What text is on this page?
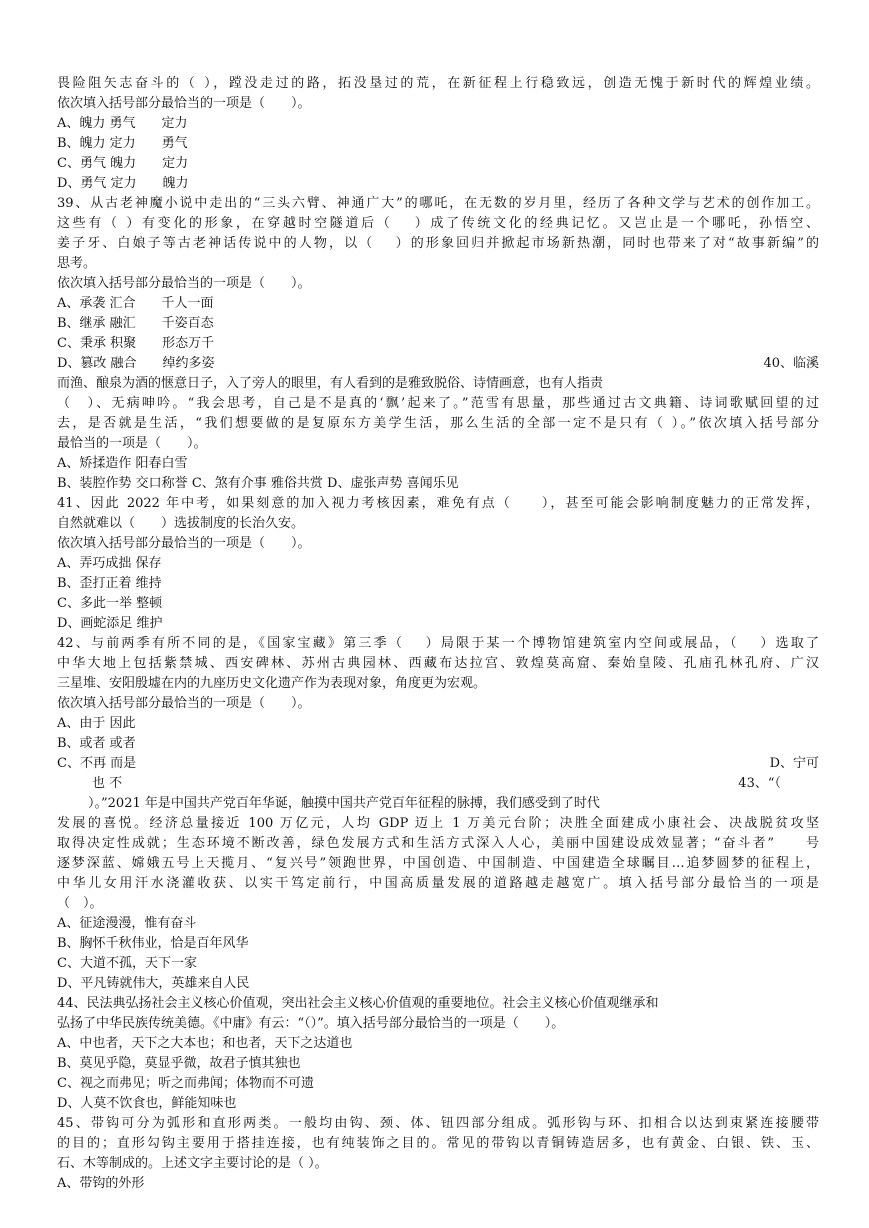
畏险阻矢志奋斗的（ ），蹚没走过的路，拓没垦过的荒，在新征程上行稳致远，创造无愧于新时代的辉煌业绩。

依次填入括号部分最恰当的一项是（　　）。

A、魄力 勇气　　定力

B、魄力 定力　　勇气

C、勇气 魄力　　定力

D、勇气 定力　　魄力

39、从古老神魔小说中走出的“三头六臂、神通广大”的哪吒，在无数的岁月里，经历了各种文学与艺术的创作加工。

这些有（ ）有变化的形象，在穿越时空隧道后（　 ）成了传统文化的经典记忆。又岂止是一个哪吒，孙悟空、

姜子牙、白娘子等古老神话传说中的人物，以（　 ）的形象回归并掀起市场新热潮，同时也带来了对“故事新编”的

思考。

依次填入括号部分最恰当的一项是（　　）。

A、承袭 汇合　　千人一面

B、继承 融汇　　千姿百态

C、秉承 积聚　　形态万千

D、篡改 融合　　绰约多姿	40、临溪

而渔、酿泉为酒的惬意日子，入了旁人的眼里，有人看到的是雅致脱俗、诗情画意，也有人指责

（　）、无病呻吟。“我会思考，自己是不是真的‘飘’起来了。”范雪有思量，那些通过古文典籍、诗词歌赋回望的过

去，是否就是生活，“我们想要做的是复原东方美学生活，那么生活的全部一定不是只有（ ）。”依次填入括号部分

最恰当的一项是（　　）。

A、矫揉造作 阳春白雪

B、装腔作势 交口称誉 C、煞有介事 雅俗共赏 D、虚张声势 喜闻乐见

41、因此 2022 年中考，如果刻意的加入视力考核因素，难免有点（　　），甚至可能会影响制度魅力的正常发挥，

自然就难以（　　）选拔制度的长治久安。

依次填入括号部分最恰当的一项是（　　）。

A、弄巧成拙 保存

B、歪打正着 维持

C、多此一举 整顿

D、画蛇添足 维护

42、与前两季有所不同的是，《国家宝藏》第三季（　 ）局限于某一个博物馆建筑室内空间或展品，（　 ）选取了

中华大地上包括紫禁城、西安碑林、苏州古典园林、西藏布达拉宫、敦煌莫高窟、秦始皇陵、孔庙孔林孔府、广汉

三星堆、安阳殷墟在内的九座历史文化遗产作为表现对象，角度更为宏观。

依次填入括号部分最恰当的一项是（　　）。

A、由于 因此

B、或者 或者

C、不再 而是	D、宁可

也 不	43、“（

）。”2021 年是中国共产党百年华诞，触摸中国共产党百年征程的脉搏，我们感受到了时代

发展的喜悦。经济总量接近 100 万亿元，人均 GDP 迈上 1 万美元台阶；决胜全面建成小康社会、决战脱贫攻坚

取得决定性成就；生态环境不断改善，绿色发展方式和生活方式深入人心，美丽中国建设成效显著；“奋斗者”　　号

逐梦深蓝、嫦娥五号上天揽月、“复兴号”领跑世界，中国创造、中国制造、中国建造全球瞩目…追梦圆梦的征程上，

中华儿女用汗水浇灌收获、以实干笃定前行，中国高质量发展的道路越走越宽广。填入括号部分最恰当的一项是

（　）。

A、征途漫漫，惟有奋斗

B、胸怀千秋伟业，恰是百年风华

C、大道不孤，天下一家

D、平凡铸就伟大，英雄来自人民

44、民法典弘扬社会主义核心价值观，突出社会主义核心价值观的重要地位。社会主义核心价值观继承和

弘扬了中华民族传统美德。《中庸》有云：“（）”。填入括号部分最恰当的一项是（　　）。

A、中也者，天下之大本也；和也者，天下之达道也

B、莫见乎隐，莫显乎微，故君子慎其独也

C、视之而弗见；听之而弗闻；体物而不可遗

D、人莫不饮食也，鲜能知味也

45、带钩可分为弧形和直形两类。一般均由钩、颈、体、钮四部分组成。弧形钩与环、扣相合以达到束紧连接腰带

的目的；直形勾钩主要用于搭挂连接，也有纯装饰之目的。常见的带钩以青铜铸造居多，也有黄金、白银、铁、玉、

石、木等制成的。上述文字主要讨论的是（ ）。

A、带钩的外形
